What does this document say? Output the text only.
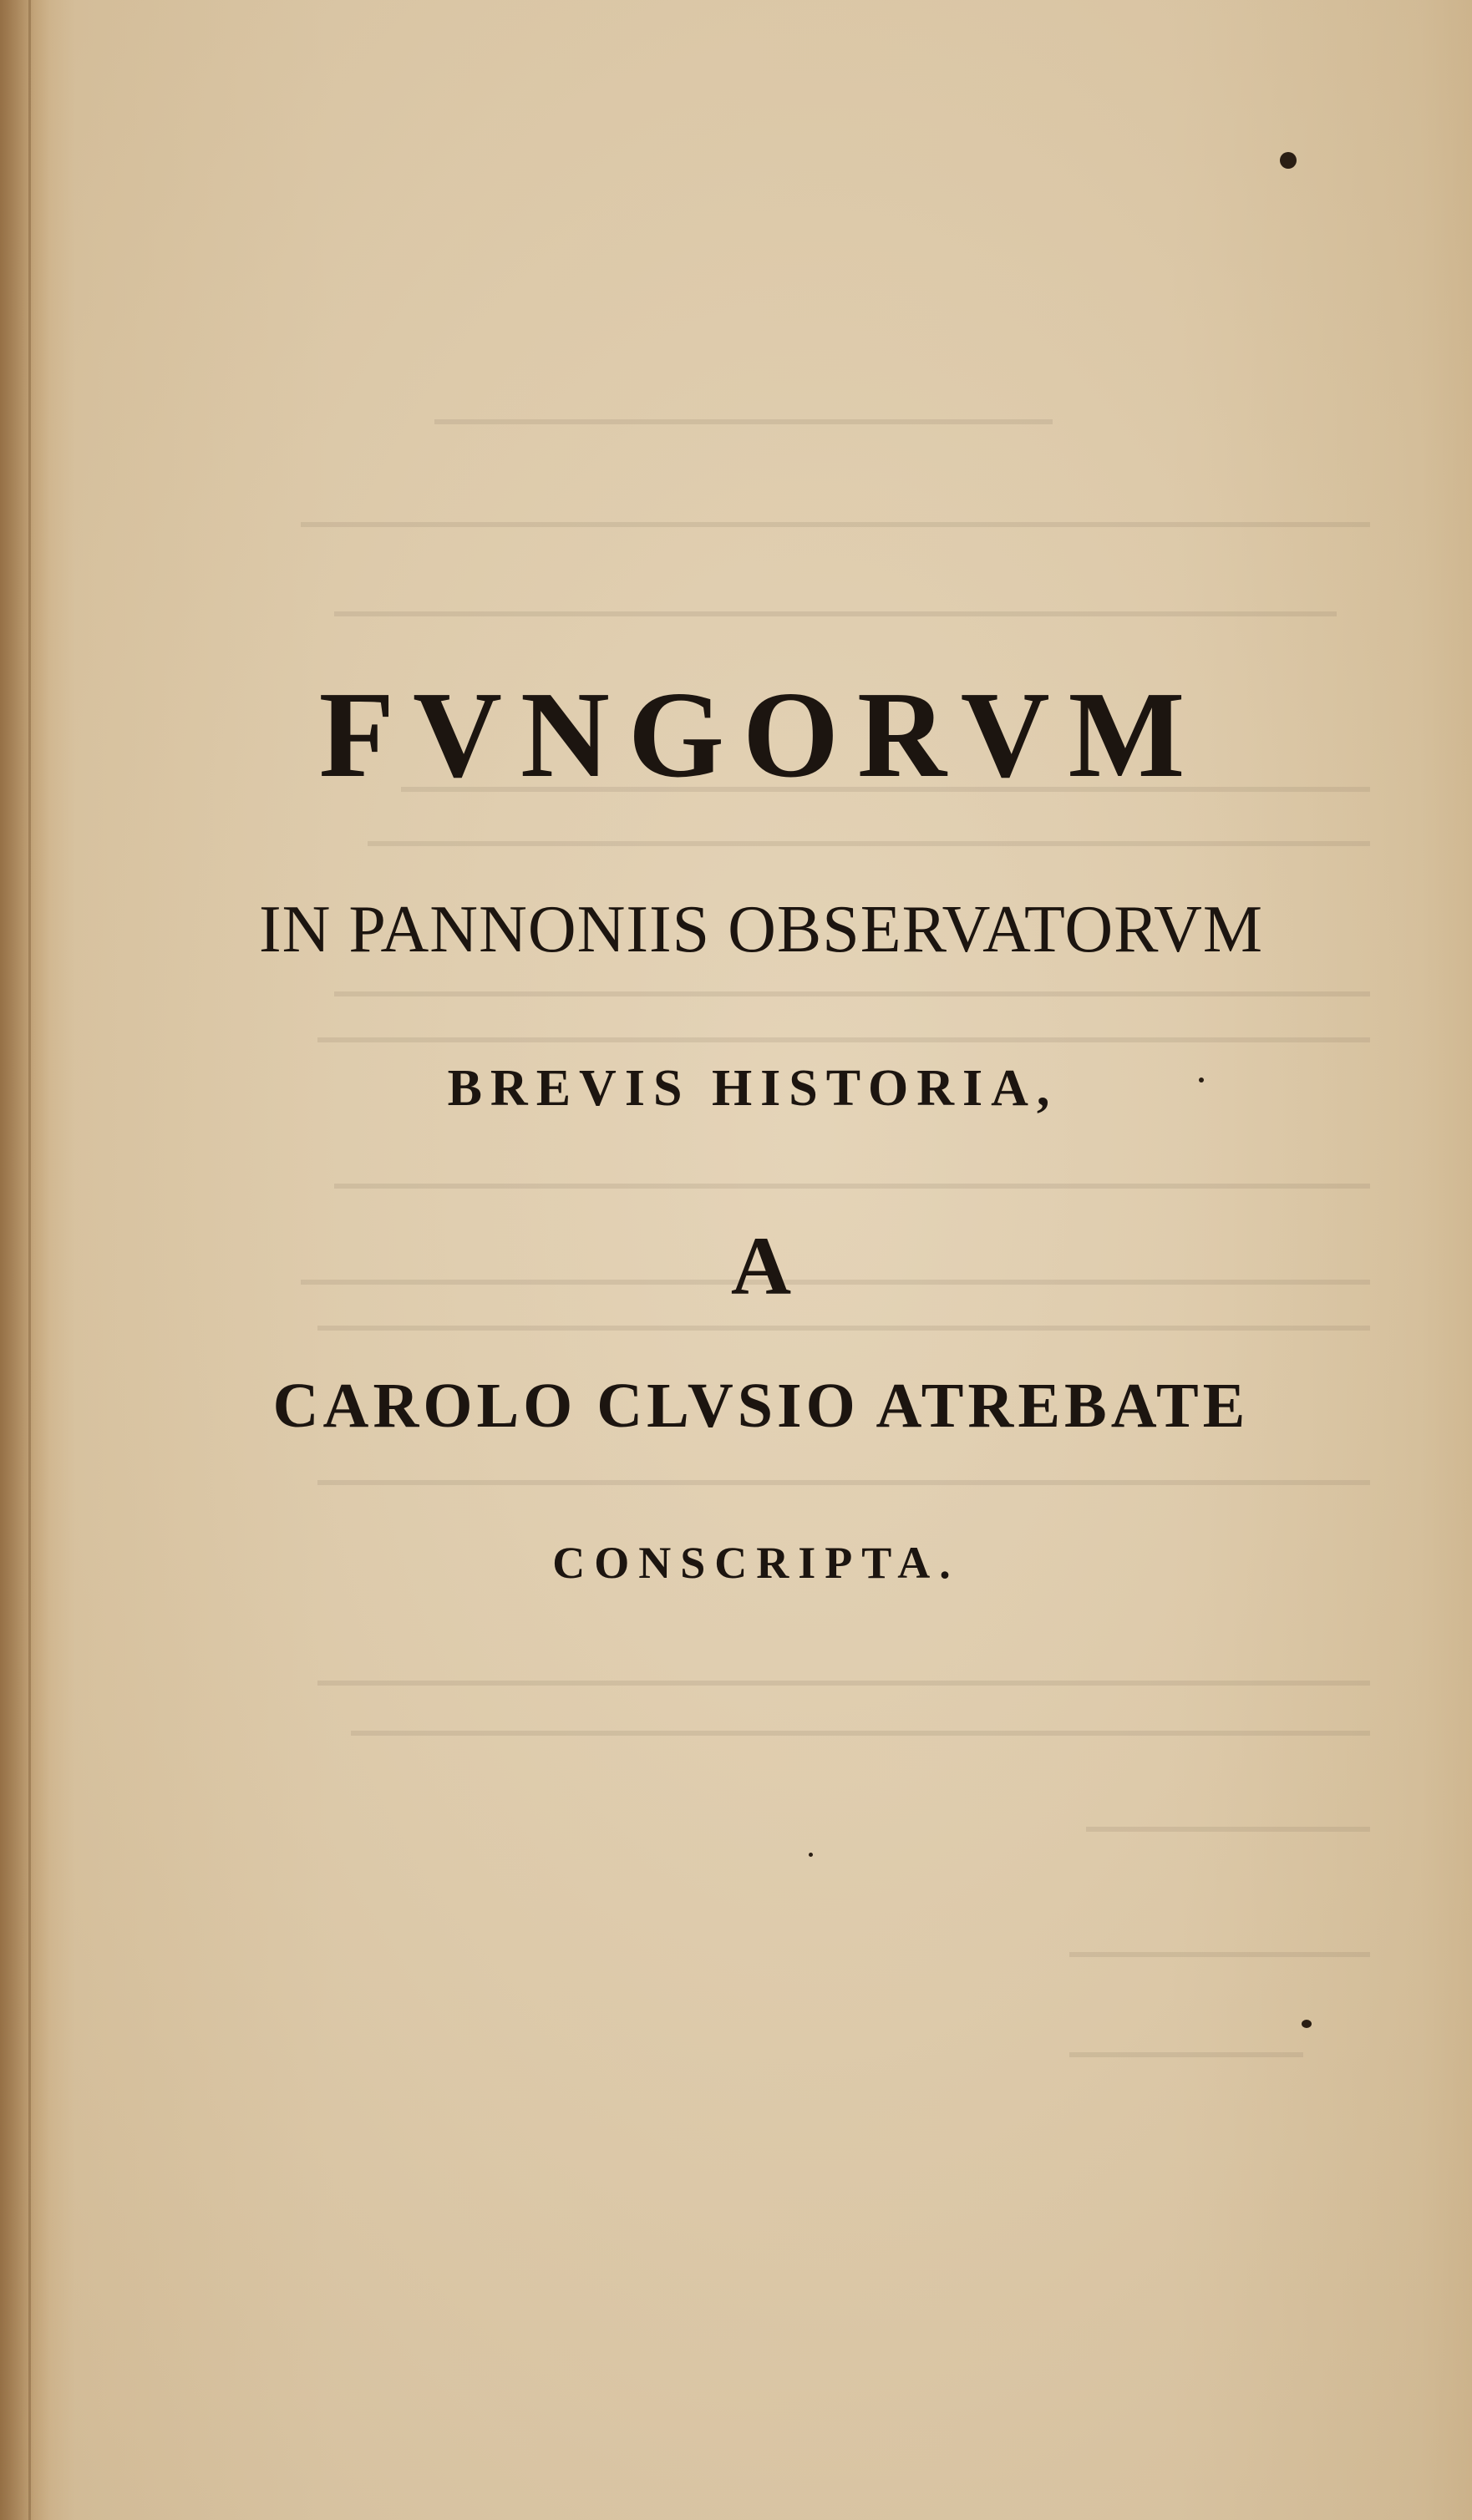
FVNGORVM
IN PANNONIIS OBSERVATORVM
BREVIS HISTORIA,
A
CAROLO CLVSIO ATREBATE
CONSCRIPTA.
